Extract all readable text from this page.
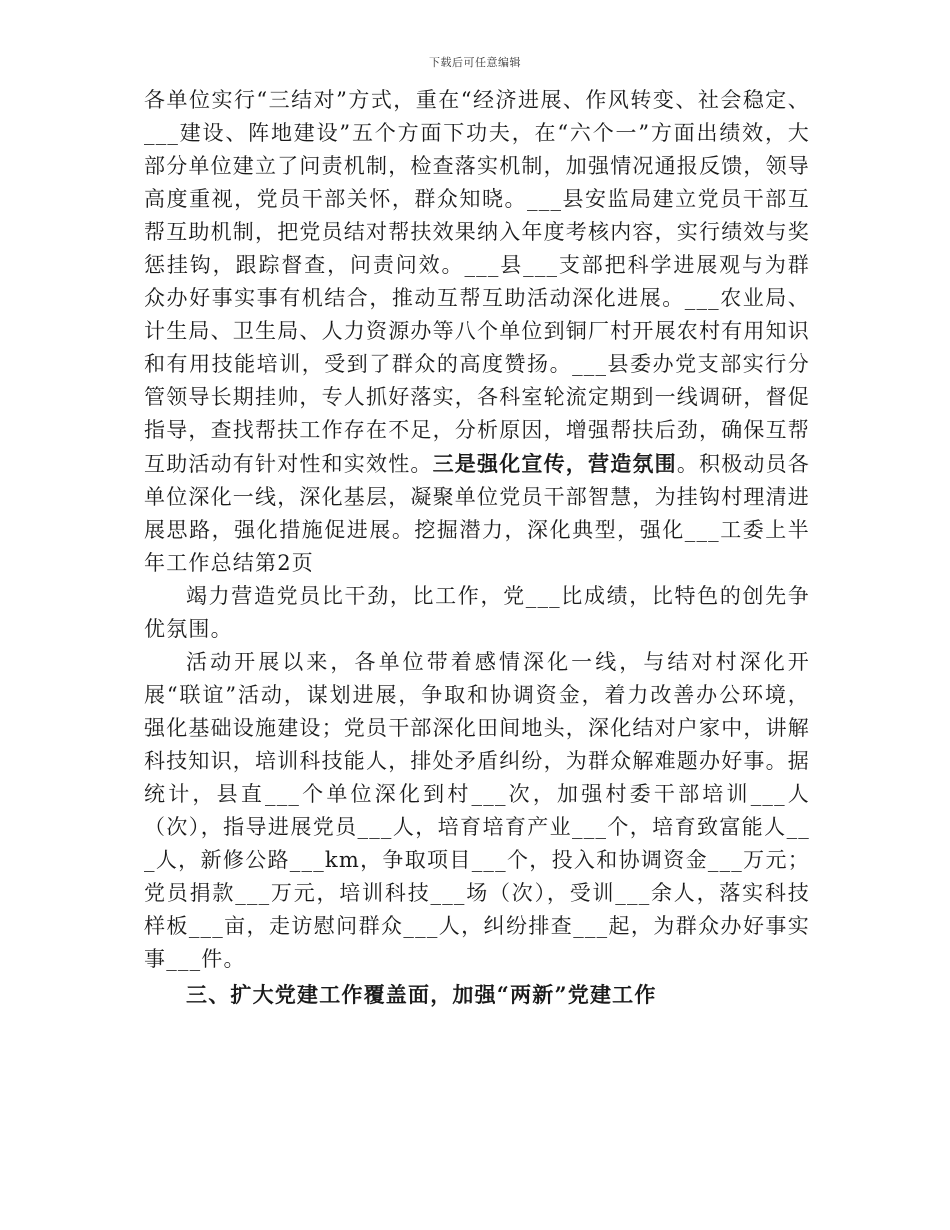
下载后可任意编辑

各单位实行“三结对”方式，重在“经济进展、作风转变、社会稳定、___建设、阵地建设”五个方面下功夫，在“六个一”方面出绩效，大部分单位建立了问责机制，检查落实机制，加强情况通报反馈，领导高度重视，党员干部关怀，群众知晓。___县安监局建立党员干部互帮互助机制，把党员结对帮扶效果纳入年度考核内容，实行绩效与奖惩挂钩，跟踪督查，问责问效。___县___支部把科学进展观与为群众办好事实事有机结合，推动互帮互助活动深化进展。___农业局、计生局、卫生局、人力资源办等八个单位到铜厂村开展农村有用知识和有用技能培训，受到了群众的高度赞扬。___县委办党支部实行分管领导长期挂帅，专人抓好落实，各科室轮流定期到一线调研，督促指导，查找帮扶工作存在不足，分析原因，增强帮扶后劲，确保互帮互助活动有针对性和实效性。三是强化宣传，营造氛围。积极动员各单位深化一线，深化基层，凝聚单位党员干部智慧，为挂钩村理清进展思路，强化措施促进展。挖掘潜力，深化典型，强化___工委上半年工作总结第2页

竭力营造党员比干劲，比工作，党___比成绩，比特色的创先争优氛围。

活动开展以来，各单位带着感情深化一线，与结对村深化开展“联谊”活动，谋划进展，争取和协调资金，着力改善办公环境，强化基础设施建设；党员干部深化田间地头，深化结对户家中，讲解科技知识，培训科技能人，排处矛盾纠纷，为群众解难题办好事。据统计，县直___个单位深化到村___次，加强村委干部培训___人（次），指导进展党员___人，培育培育产业___个，培育致富能人___人，新修公路___km，争取项目___个，投入和协调资金___万元；党员捐款___万元，培训科技___场（次），受训___余人，落实科技样板___亩，走访慰问群众___人，纠纷排查___起，为群众办好事实事___件。

三、扩大党建工作覆盖面，加强“两新”党建工作
